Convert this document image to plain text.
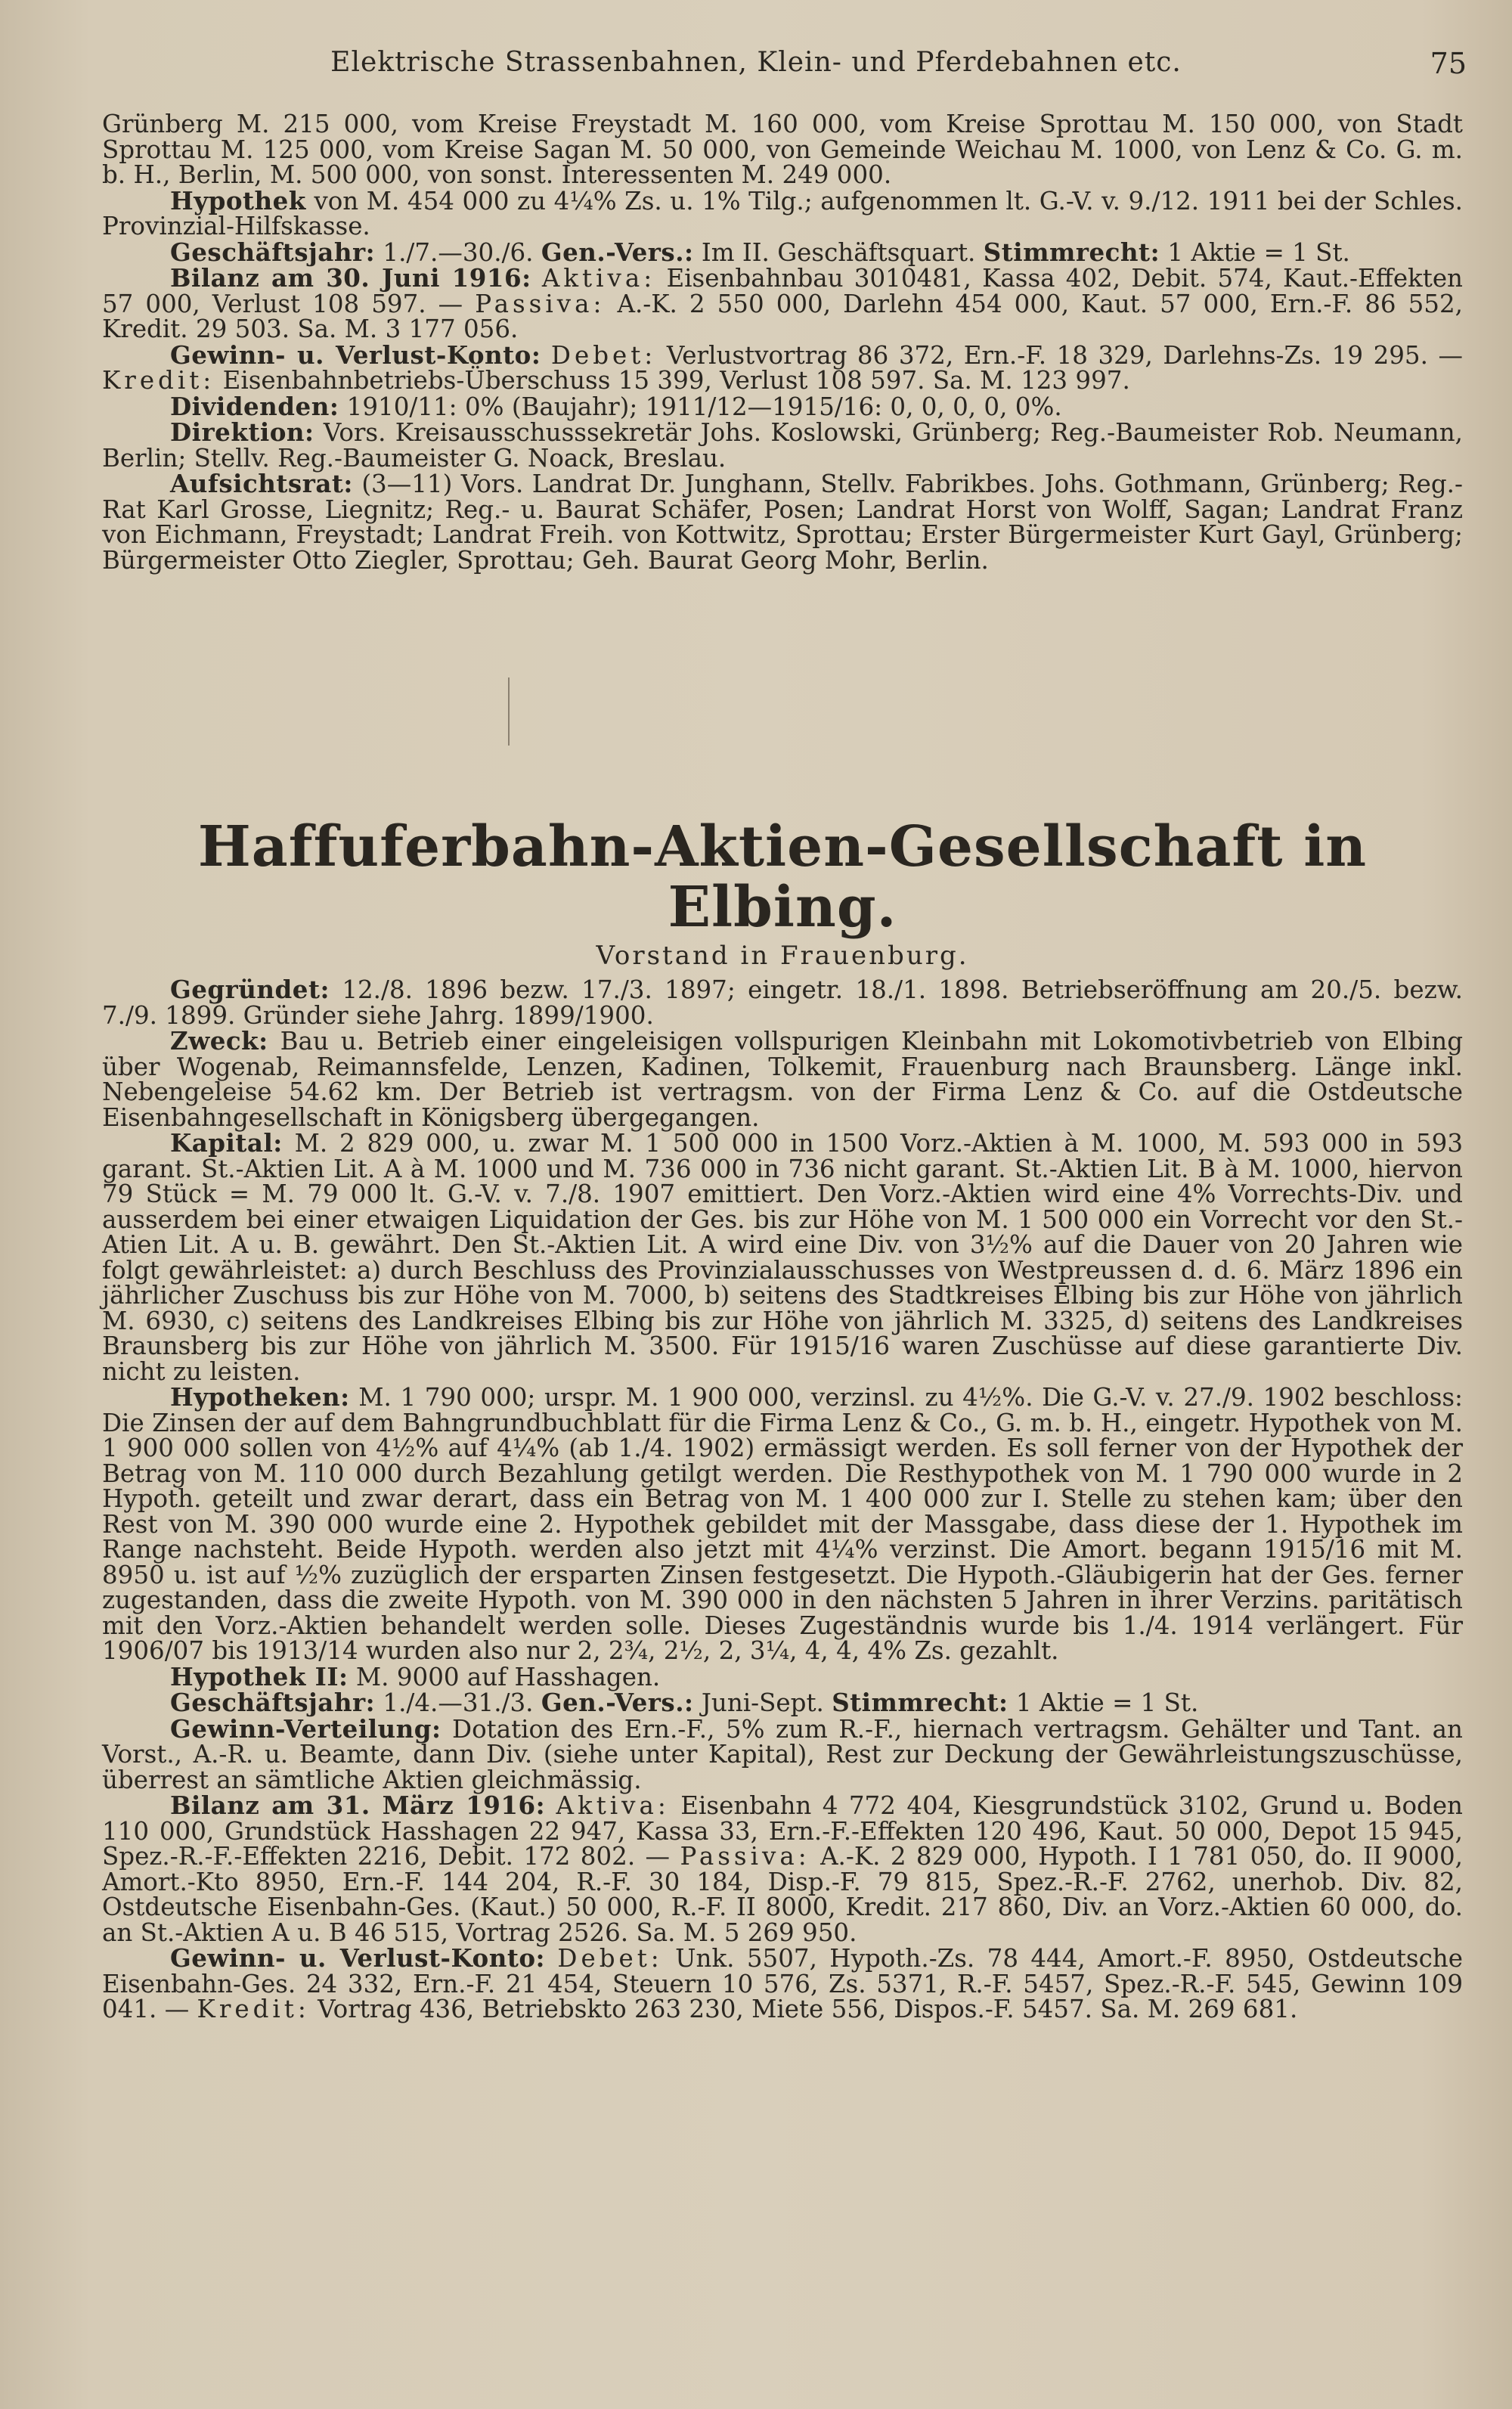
Elektrische Strassenbahnen, Klein- und Pferdebahnen etc.	75

Grünberg M. 215 000, vom Kreise Freystadt M. 160 000, vom Kreise Sprottau M. 150 000, von Stadt Sprottau M. 125 000, vom Kreise Sagan M. 50 000, von Gemeinde Weichau M. 1000, von Lenz & Co. G. m. b. H., Berlin, M. 500 000, von sonst. Interessenten M. 249 000.

Hypothek von M. 454 000 zu 4¼% Zs. u. 1% Tilg.; aufgenommen lt. G.-V. v. 9./12. 1911 bei der Schles. Provinzial-Hilfskasse.

Geschäftsjahr: 1./7.—30./6. Gen.-Vers.: Im II. Geschäftsquart. Stimmrecht: 1 Aktie = 1 St.

Bilanz am 30. Juni 1916: Aktiva: Eisenbahnbau 3010481, Kassa 402, Debit. 574, Kaut.-Effekten 57 000, Verlust 108 597. — Passiva: A.-K. 2 550 000, Darlehn 454 000, Kaut. 57 000, Ern.-F. 86 552, Kredit. 29 503. Sa. M. 3 177 056.

Gewinn- u. Verlust-Konto: Debet: Verlustvortrag 86 372, Ern.-F. 18 329, Darlehns-Zs. 19 295. — Kredit: Eisenbahnbetriebs-Überschuss 15 399, Verlust 108 597. Sa. M. 123 997.

Dividenden: 1910/11: 0% (Baujahr); 1911/12—1915/16: 0, 0, 0, 0, 0%.

Direktion: Vors. Kreisausschusssekretär Johs. Koslowski, Grünberg; Reg.-Baumeister Rob. Neumann, Berlin; Stellv. Reg.-Baumeister G. Noack, Breslau.

Aufsichtsrat: (3—11) Vors. Landrat Dr. Junghann, Stellv. Fabrikbes. Johs. Gothmann, Grünberg; Reg.-Rat Karl Grosse, Liegnitz; Reg.- u. Baurat Schäfer, Posen; Landrat Horst von Wolff, Sagan; Landrat Franz von Eichmann, Freystadt; Landrat Freih. von Kottwitz, Sprottau; Erster Bürgermeister Kurt Gayl, Grünberg; Bürgermeister Otto Ziegler, Sprottau; Geh. Baurat Georg Mohr, Berlin.

Haffuferbahn-Aktien-Gesellschaft in Elbing.
Vorstand in Frauenburg.

Gegründet: 12./8. 1896 bezw. 17./3. 1897; eingetr. 18./1. 1898. Betriebseröffnung am 20./5. bezw. 7./9. 1899. Gründer siehe Jahrg. 1899/1900.

Zweck: Bau u. Betrieb einer eingeleisigen vollspurigen Kleinbahn mit Lokomotivbetrieb von Elbing über Wogenab, Reimannsfelde, Lenzen, Kadinen, Tolkemit, Frauenburg nach Braunsberg. Länge inkl. Nebengeleise 54.62 km. Der Betrieb ist vertragsm. von der Firma Lenz & Co. auf die Ostdeutsche Eisenbahngesellschaft in Königsberg übergegangen.

Kapital: M. 2 829 000, u. zwar M. 1 500 000 in 1500 Vorz.-Aktien à M. 1000, M. 593 000 in 593 garant. St.-Aktien Lit. A à M. 1000 und M. 736 000 in 736 nicht garant. St.-Aktien Lit. B à M. 1000, hiervon 79 Stück = M. 79 000 lt. G.-V. v. 7./8. 1907 emittiert. Den Vorz.-Aktien wird eine 4% Vorrechts-Div. und ausserdem bei einer etwaigen Liquidation der Ges. bis zur Höhe von M. 1 500 000 ein Vorrecht vor den St.-Atien Lit. A u. B. gewährt. Den St.-Aktien Lit. A wird eine Div. von 3½% auf die Dauer von 20 Jahren wie folgt gewährleistet: a) durch Beschluss des Provinzialausschusses von Westpreussen d. d. 6. März 1896 ein jährlicher Zuschuss bis zur Höhe von M. 7000, b) seitens des Stadtkreises Elbing bis zur Höhe von jährlich M. 6930, c) seitens des Landkreises Elbing bis zur Höhe von jährlich M. 3325, d) seitens des Landkreises Braunsberg bis zur Höhe von jährlich M. 3500. Für 1915/16 waren Zuschüsse auf diese garantierte Div. nicht zu leisten.

Hypotheken: M. 1 790 000; urspr. M. 1 900 000, verzinsl. zu 4½%. Die G.-V. v. 27./9. 1902 beschloss: Die Zinsen der auf dem Bahngrundbuchblatt für die Firma Lenz & Co., G. m. b. H., eingetr. Hypothek von M. 1 900 000 sollen von 4½% auf 4¼% (ab 1./4. 1902) ermässigt werden. Es soll ferner von der Hypothek der Betrag von M. 110 000 durch Bezahlung getilgt werden. Die Resthypothek von M. 1 790 000 wurde in 2 Hypoth. geteilt und zwar derart, dass ein Betrag von M. 1 400 000 zur I. Stelle zu stehen kam; über den Rest von M. 390 000 wurde eine 2. Hypothek gebildet mit der Massgabe, dass diese der 1. Hypothek im Range nachsteht. Beide Hypoth. werden also jetzt mit 4¼% verzinst. Die Amort. begann 1915/16 mit M. 8950 u. ist auf ½% zuzüglich der ersparten Zinsen festgesetzt. Die Hypoth.-Gläubigerin hat der Ges. ferner zugestanden, dass die zweite Hypoth. von M. 390 000 in den nächsten 5 Jahren in ihrer Verzins. paritätisch mit den Vorz.-Aktien behandelt werden solle. Dieses Zugeständnis wurde bis 1./4. 1914 verlängert. Für 1906/07 bis 1913/14 wurden also nur 2, 2¾, 2½, 2, 3¼, 4, 4, 4% Zs. gezahlt.

Hypothek II: M. 9000 auf Hasshagen.

Geschäftsjahr: 1./4.—31./3. Gen.-Vers.: Juni-Sept. Stimmrecht: 1 Aktie = 1 St.

Gewinn-Verteilung: Dotation des Ern.-F., 5% zum R.-F., hiernach vertragsm. Gehälter und Tant. an Vorst., A.-R. u. Beamte, dann Div. (siehe unter Kapital), Rest zur Deckung der Gewährleistungszuschüsse, überrest an sämtliche Aktien gleichmässig.

Bilanz am 31. März 1916: Aktiva: Eisenbahn 4 772 404, Kiesgrundstück 3102, Grund u. Boden 110 000, Grundstück Hasshagen 22 947, Kassa 33, Ern.-F.-Effekten 120 496, Kaut. 50 000, Depot 15 945, Spez.-R.-F.-Effekten 2216, Debit. 172 802. — Passiva: A.-K. 2 829 000, Hypoth. I 1 781 050, do. II 9000, Amort.-Kto 8950, Ern.-F. 144 204, R.-F. 30 184, Disp.-F. 79 815, Spez.-R.-F. 2762, unerhob. Div. 82, Ostdeutsche Eisenbahn-Ges. (Kaut.) 50 000, R.-F. II 8000, Kredit. 217 860, Div. an Vorz.-Aktien 60 000, do. an St.-Aktien A u. B 46 515, Vortrag 2526. Sa. M. 5 269 950.

Gewinn- u. Verlust-Konto: Debet: Unk. 5507, Hypoth.-Zs. 78 444, Amort.-F. 8950, Ostdeutsche Eisenbahn-Ges. 24 332, Ern.-F. 21 454, Steuern 10 576, Zs. 5371, R.-F. 5457, Spez.-R.-F. 545, Gewinn 109 041. — Kredit: Vortrag 436, Betriebskto 263 230, Miete 556, Dispos.-F. 5457. Sa. M. 269 681.
